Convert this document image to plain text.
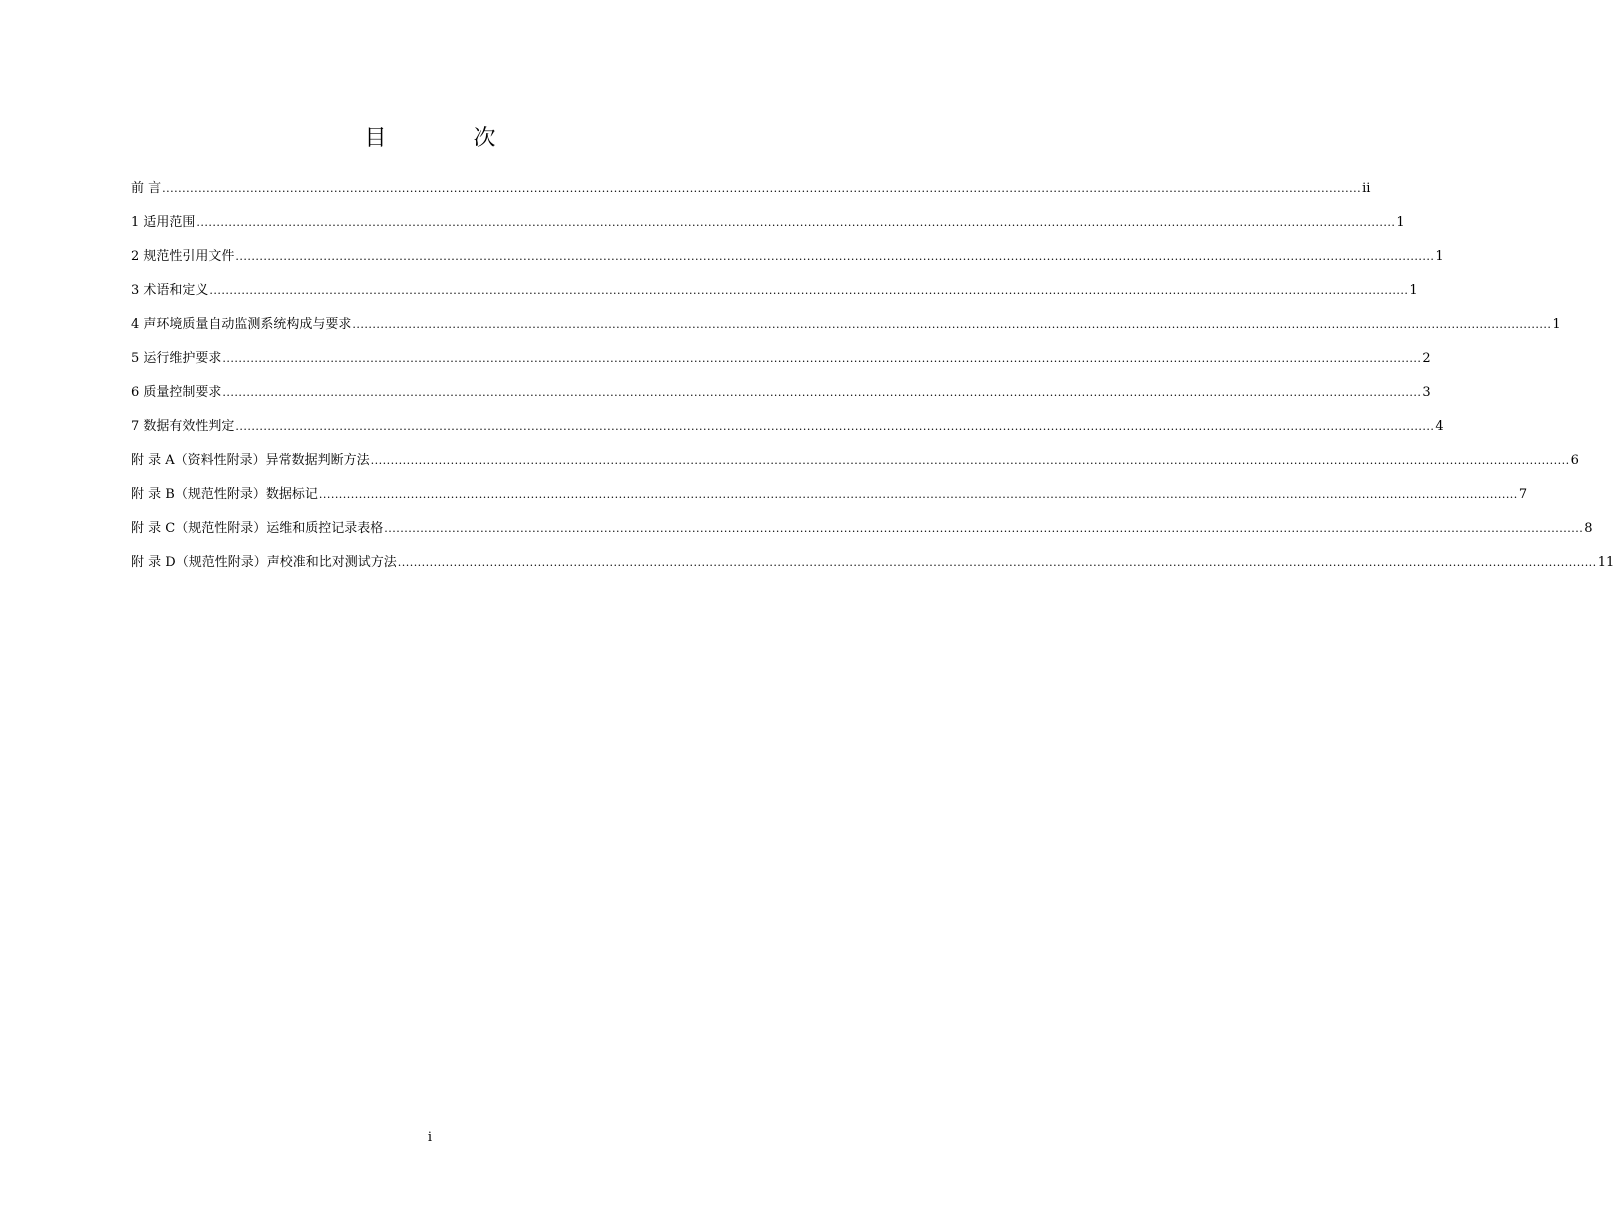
目 次
前 言 ............................................................................................................................................................................................................................................................................................................ ii
1 适用范围 ............................................................................................................................................................................................................................................................................................................ 1
2 规范性引用文件 ............................................................................................................................................................................................................................................................................................................ 1
3 术语和定义 ............................................................................................................................................................................................................................................................................................................ 1
4 声环境质量自动监测系统构成与要求 ............................................................................................................................................................................................................................................................................................................ 1
5 运行维护要求 ............................................................................................................................................................................................................................................................................................................ 2
6 质量控制要求 ............................................................................................................................................................................................................................................................................................................ 3
7 数据有效性判定 ............................................................................................................................................................................................................................................................................................................ 4
附 录 A（资料性附录）异常数据判断方法 ............................................................................................................................................................................................................................................................................................................ 6
附 录 B（规范性附录）数据标记 ............................................................................................................................................................................................................................................................................................................ 7
附 录 C（规范性附录）运维和质控记录表格 ............................................................................................................................................................................................................................................................................................................ 8
附 录 D（规范性附录）声校准和比对测试方法 ............................................................................................................................................................................................................................................................................................................ 11
i
